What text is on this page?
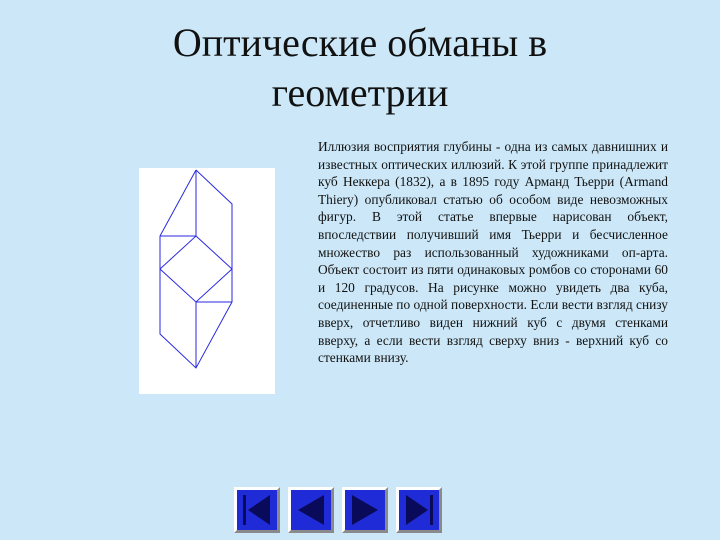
Оптические обманы в
геометрии

Иллюзия восприятия глубины - одна из самых давнишних и известных оптических иллюзий. К этой группе принадлежит куб Неккера (1832), а в 1895 году Арманд Тьерри (Armand Thiery) опубликовал статью об особом виде невозможных фигур. В этой статье впервые нарисован объект, впоследствии получивший имя Тьерри и бесчисленное множество раз использованный художниками оп-арта. Объект состоит из пяти одинаковых ромбов со сторонами 60 и 120 градусов. На рисунке можно увидеть два куба, соединенные по одной поверхности. Если вести взгляд снизу вверх, отчетливо виден нижний куб с двумя стенками вверху, а если вести взгляд сверху вниз - верхний куб со стенками внизу.
